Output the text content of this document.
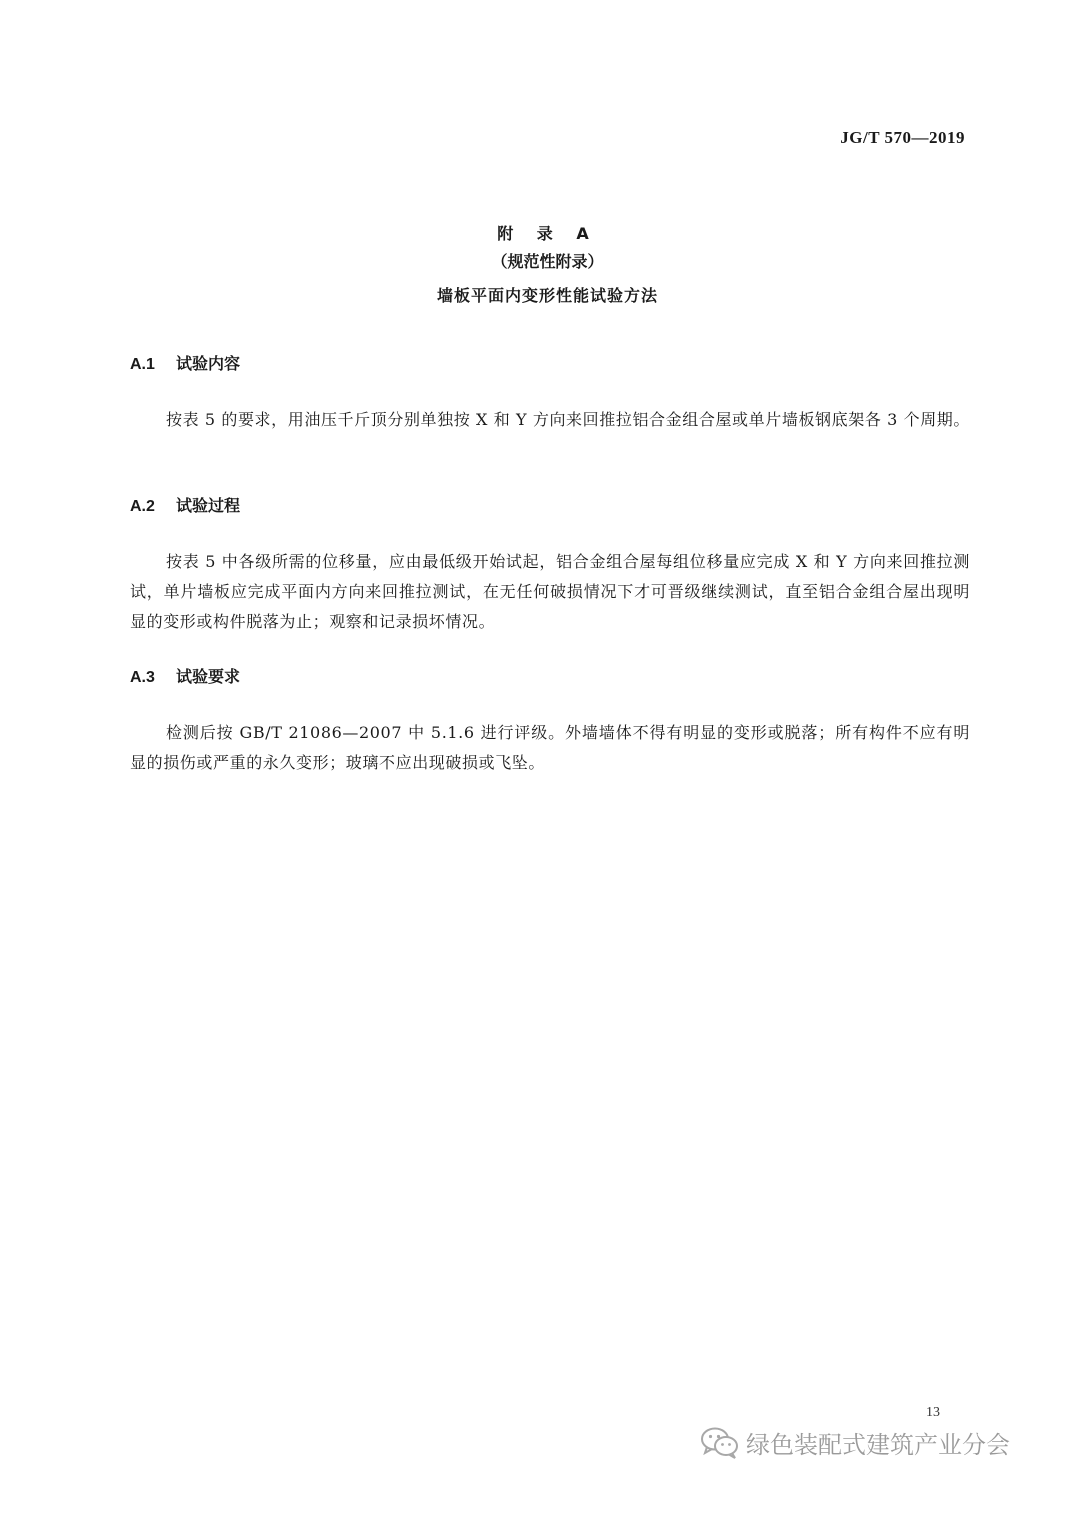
JG/T 570—2019
附 录 A
（规范性附录）
墙板平面内变形性能试验方法
A.1 试验内容
按表 5 的要求，用油压千斤顶分别单独按 X 和 Y 方向来回推拉铝合金组合屋或单片墙板钢底架各 3 个周期。
A.2 试验过程
按表 5 中各级所需的位移量，应由最低级开始试起，铝合金组合屋每组位移量应完成 X 和 Y 方向来回推拉测试，单片墙板应完成平面内方向来回推拉测试，在无任何破损情况下才可晋级继续测试，直至铝合金组合屋出现明显的变形或构件脱落为止；观察和记录损坏情况。
A.3 试验要求
检测后按 GB/T 21086—2007 中 5.1.6 进行评级。外墙墙体不得有明显的变形或脱落；所有构件不应有明显的损伤或严重的永久变形；玻璃不应出现破损或飞坠。
13
绿色装配式建筑产业分会
